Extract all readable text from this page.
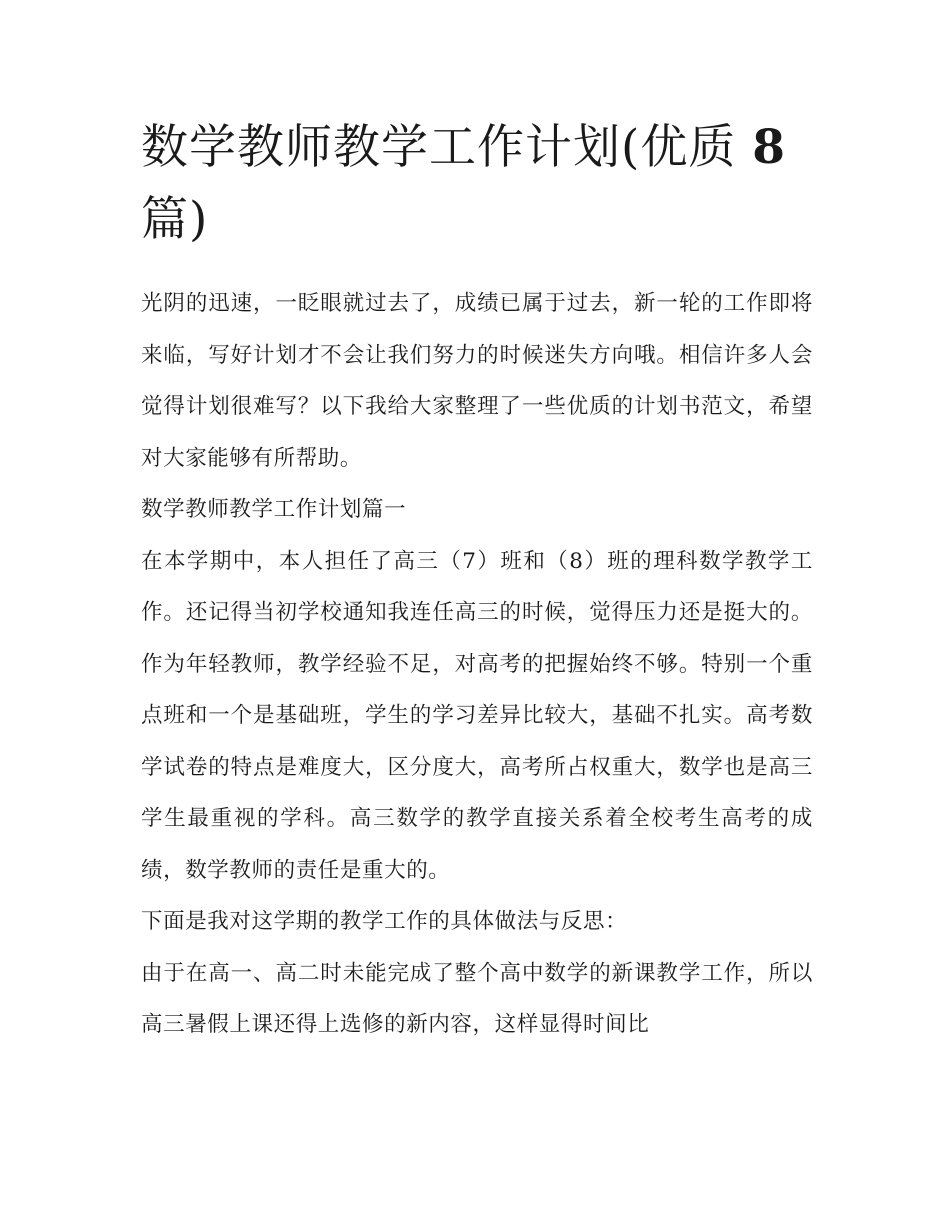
数学教师教学工作计划(优质 8
篇)

光阴的迅速，一眨眼就过去了，成绩已属于过去，新一轮的工作即将来临，写好计划才不会让我们努力的时候迷失方向哦。相信许多人会觉得计划很难写？以下我给大家整理了一些优质的计划书范文，希望对大家能够有所帮助。

数学教师教学工作计划篇一

在本学期中，本人担任了高三（7）班和（8）班的理科数学教学工作。还记得当初学校通知我连任高三的时候，觉得压力还是挺大的。作为年轻教师，教学经验不足，对高考的把握始终不够。特别一个重点班和一个是基础班，学生的学习差异比较大，基础不扎实。高考数学试卷的特点是难度大，区分度大，高考所占权重大，数学也是高三学生最重视的学科。高三数学的教学直接关系着全校考生高考的成绩，数学教师的责任是重大的。

下面是我对这学期的教学工作的具体做法与反思：

由于在高一、高二时未能完成了整个高中数学的新课教学工作，所以高三暑假上课还得上选修的新内容，这样显得时间比
